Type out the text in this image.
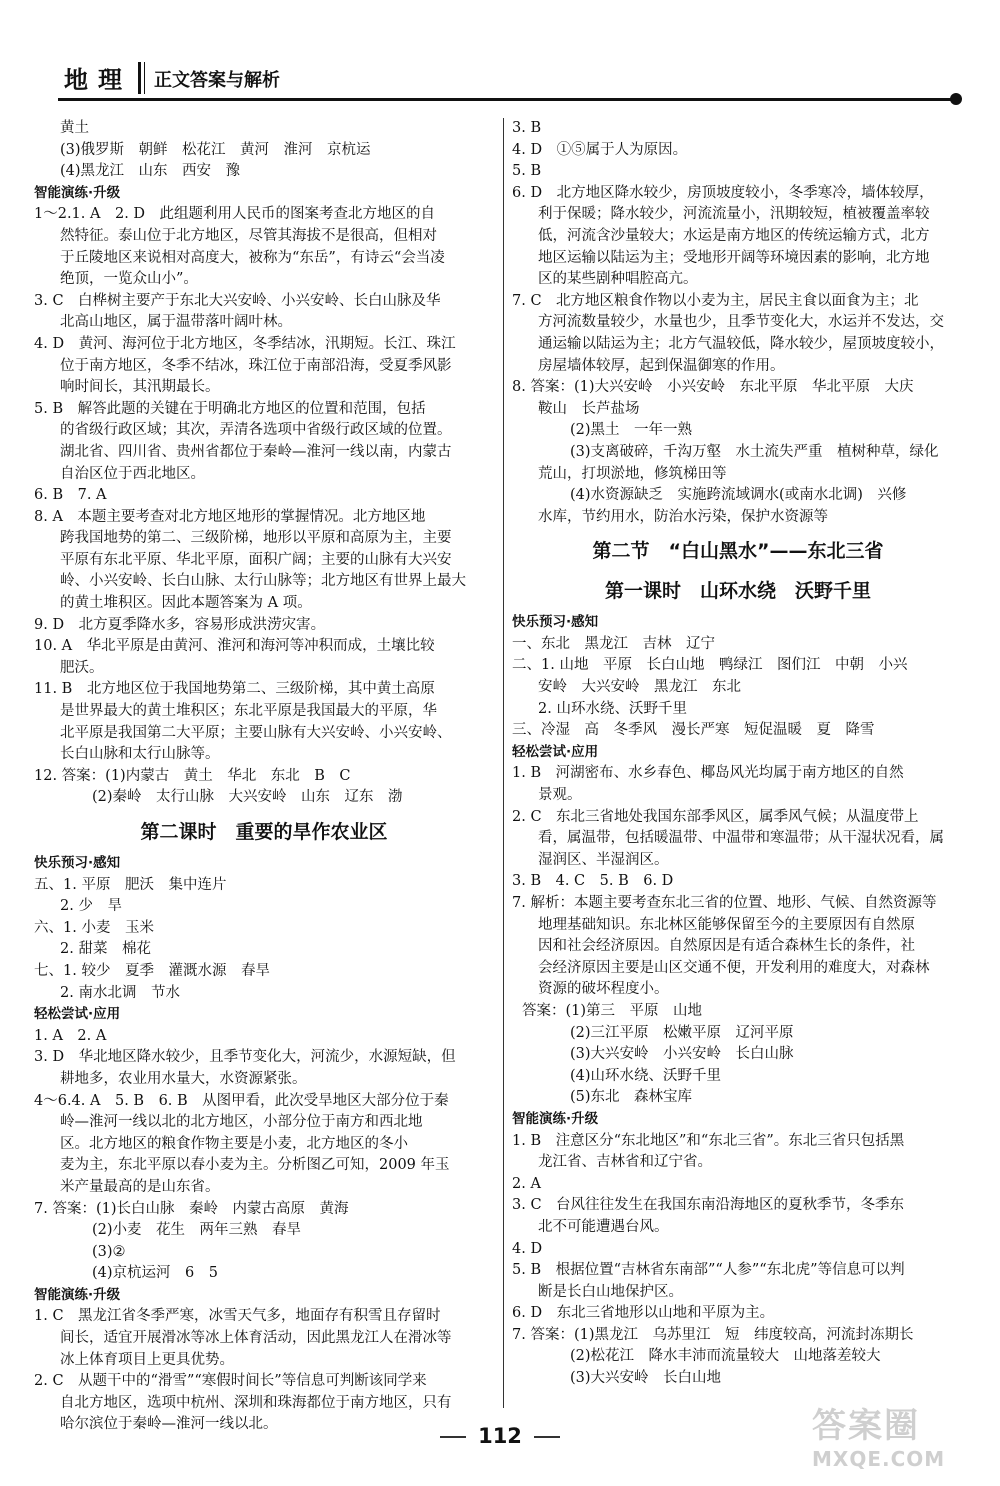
地理 正文答案与解析

黄土

(3)俄罗斯　朝鲜　松花江　黄河　淮河　京杭运

(4)黑龙江　山东　西安　豫

智能演练·升级

1～2.1. A　2. D　此组题利用人民币的图案考查北方地区的自

然特征。泰山位于北方地区，尽管其海拔不是很高，但相对

于丘陵地区来说相对高度大，被称为“东岳”，有诗云“会当凌

绝顶，一览众山小”。

3. C　白桦树主要产于东北大兴安岭、小兴安岭、长白山脉及华

北高山地区，属于温带落叶阔叶林。

4. D　黄河、海河位于北方地区，冬季结冰，汛期短。长江、珠江

位于南方地区，冬季不结冰，珠江位于南部沿海，受夏季风影

响时间长，其汛期最长。

5. B　解答此题的关键在于明确北方地区的位置和范围，包括

的省级行政区域；其次，弄清各选项中省级行政区域的位置。

湖北省、四川省、贵州省都位于秦岭—淮河一线以南，内蒙古

自治区位于西北地区。

6. B　7. A

8. A　本题主要考查对北方地区地形的掌握情况。北方地区地

跨我国地势的第二、三级阶梯，地形以平原和高原为主，主要

平原有东北平原、华北平原，面积广阔；主要的山脉有大兴安

岭、小兴安岭、长白山脉、太行山脉等；北方地区有世界上最大

的黄土堆积区。因此本题答案为 A 项。

9. D　北方夏季降水多，容易形成洪涝灾害。

10. A　华北平原是由黄河、淮河和海河等冲积而成，土壤比较

肥沃。

11. B　北方地区位于我国地势第二、三级阶梯，其中黄土高原

是世界最大的黄土堆积区；东北平原是我国最大的平原，华

北平原是我国第二大平原；主要山脉有大兴安岭、小兴安岭、

长白山脉和太行山脉等。

12. 答案：(1)内蒙古　黄土　华北　东北　B　C

(2)秦岭　太行山脉　大兴安岭　山东　辽东　渤

第二课时　重要的旱作农业区

快乐预习·感知

五、1. 平原　肥沃　集中连片

2. 少　旱

六、1. 小麦　玉米

2. 甜菜　棉花

七、1. 较少　夏季　灌溉水源　春旱

2. 南水北调　节水

轻松尝试·应用

1. A　2. A

3. D　华北地区降水较少，且季节变化大，河流少，水源短缺，但

耕地多，农业用水量大，水资源紧张。

4～6.4. A　5. B　6. B　从图甲看，此次受旱地区大部分位于秦

岭—淮河一线以北的北方地区，小部分位于南方和西北地

区。北方地区的粮食作物主要是小麦，北方地区的冬小

麦为主，东北平原以春小麦为主。分析图乙可知，2009 年玉

米产量最高的是山东省。

7. 答案：(1)长白山脉　秦岭　内蒙古高原　黄海

(2)小麦　花生　两年三熟　春旱

(3)②

(4)京杭运河　6　5

智能演练·升级

1. C　黑龙江省冬季严寒，冰雪天气多，地面存有积雪且存留时

间长，适宜开展滑冰等冰上体育活动，因此黑龙江人在滑冰等

冰上体育项目上更具优势。

2. C　从题干中的“滑雪”“寒假时间长”等信息可判断该同学来

自北方地区，选项中杭州、深圳和珠海都位于南方地区，只有

哈尔滨位于秦岭—淮河一线以北。

3. B

4. D　①⑤属于人为原因。

5. B

6. D　北方地区降水较少，房顶坡度较小，冬季寒冷，墙体较厚，

利于保暖；降水较少，河流流量小，汛期较短，植被覆盖率较

低，河流含沙量较大；水运是南方地区的传统运输方式，北方

地区运输以陆运为主；受地形开阔等环境因素的影响，北方地

区的某些剧种唱腔高亢。

7. C　北方地区粮食作物以小麦为主，居民主食以面食为主；北

方河流数量较少，水量也少，且季节变化大，水运并不发达，交

通运输以陆运为主；北方气温较低，降水较少，屋顶坡度较小，

房屋墙体较厚，起到保温御寒的作用。

8. 答案：(1)大兴安岭　小兴安岭　东北平原　华北平原　大庆

鞍山　长芦盐场

(2)黑土　一年一熟

(3)支离破碎，千沟万壑　水土流失严重　植树种草，绿化

荒山，打坝淤地，修筑梯田等

(4)水资源缺乏　实施跨流域调水(或南水北调)　兴修

水库，节约用水，防治水污染，保护水资源等

第二节　“白山黑水”——东北三省

第一课时　山环水绕　沃野千里

快乐预习·感知

一、东北　黑龙江　吉林　辽宁

二、1. 山地　平原　长白山地　鸭绿江　图们江　中朝　小兴

安岭　大兴安岭　黑龙江　东北

2. 山环水绕、沃野千里

三、冷湿　高　冬季风　漫长严寒　短促温暖　夏　降雪

轻松尝试·应用

1. B　河湖密布、水乡春色、椰岛风光均属于南方地区的自然

景观。

2. C　东北三省地处我国东部季风区，属季风气候；从温度带上

看，属温带，包括暖温带、中温带和寒温带；从干湿状况看，属

湿润区、半湿润区。

3. B　4. C　5. B　6. D

7. 解析：本题主要考查东北三省的位置、地形、气候、自然资源等

地理基础知识。东北林区能够保留至今的主要原因有自然原

因和社会经济原因。自然原因是有适合森林生长的条件，社

会经济原因主要是山区交通不便，开发利用的难度大，对森林

资源的破坏程度小。

答案：(1)第三　平原　山地

(2)三江平原　松嫩平原　辽河平原

(3)大兴安岭　小兴安岭　长白山脉

(4)山环水绕、沃野千里

(5)东北　森林宝库

智能演练·升级

1. B　注意区分“东北地区”和“东北三省”。东北三省只包括黑

龙江省、吉林省和辽宁省。

2. A

3. C　台风往往发生在我国东南沿海地区的夏秋季节，冬季东

北不可能遭遇台风。

4. D

5. B　根据位置“吉林省东南部”“人参”“东北虎”等信息可以判

断是长白山地保护区。

6. D　东北三省地形以山地和平原为主。

7. 答案：(1)黑龙江　乌苏里江　短　纬度较高，河流封冻期长

(2)松花江　降水丰沛而流量较大　山地落差较大

(3)大兴安岭　长白山地

112	答案圈
MXQE.COM
